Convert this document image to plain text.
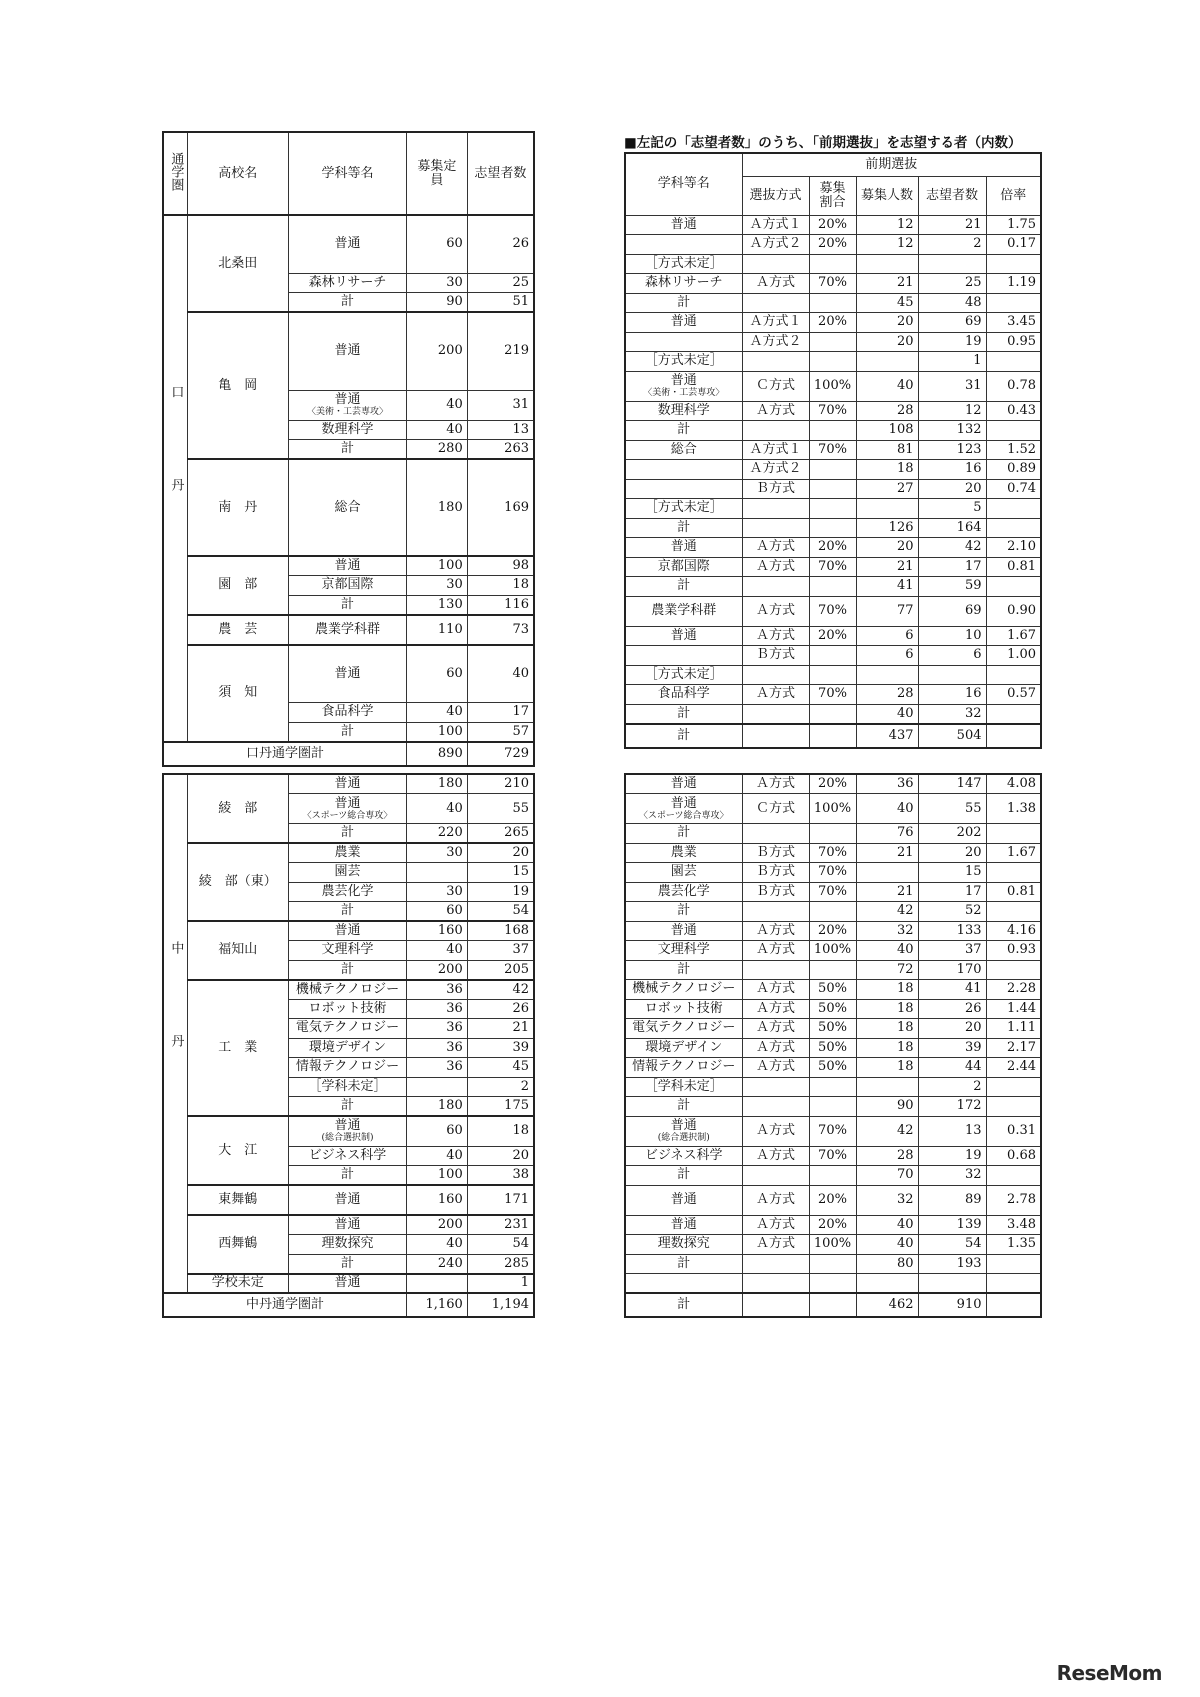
■左記の「志望者数」のうち、「前期選抜」を志望する者（内数）
通学圏	高校名	学科等名	募集定員	志望者数
口丹	北桑田	普通	60	26
		森林リサーチ	30	25
		計	90	51
	亀　岡	普通	200	219
		普通
〈美術・工芸専攻〉	40	31
		数理科学	40	13
		計	280	263
	南　丹	総合	180	169
	園　部	普通	100	98
		京都国際	30	18
		計	130	116
	農　芸	農業学科群	110	73
	須　知	普通	60	40
		食品科学	40	17
		計	100	57
口丹通学圏計			890	729
学科等名	前期選抜				
	選抜方式	募集割合	募集人数	志望者数	倍率
普通	Ａ方式１	20%	12	21	1.75
	Ａ方式２	20%	12	2	0.17
［方式未定］					
森林リサーチ	Ａ方式	70%	21	25	1.19
計			45	48	
普通	Ａ方式１	20%	20	69	3.45
	Ａ方式２		20	19	0.95
［方式未定］				1	
普通
〈美術・工芸専攻〉	Ｃ方式	100%	40	31	0.78
数理科学	Ａ方式	70%	28	12	0.43
計			108	132	
総合	Ａ方式１	70%	81	123	1.52
	Ａ方式２		18	16	0.89
	Ｂ方式		27	20	0.74
［方式未定］				5	
計			126	164	
普通	Ａ方式	20%	20	42	2.10
京都国際	Ａ方式	70%	21	17	0.81
計			41	59	
農業学科群	Ａ方式	70%	77	69	0.90
普通	Ａ方式	20%	6	10	1.67
	Ｂ方式		6	6	1.00
［方式未定］					
食品科学	Ａ方式	70%	28	16	0.57
計			40	32	
計			437	504	
中丹	綾　部	普通	180	210
		普通
〈スポーツ総合専攻〉	40	55
		計	220	265
	綾　部（東）	農業	30	20
		園芸		15
		農芸化学	30	19
		計	60	54
	福知山	普通	160	168
		文理科学	40	37
		計	200	205
	工　業	機械テクノロジー	36	42
		ロボット技術	36	26
		電気テクノロジー	36	21
		環境デザイン	36	39
		情報テクノロジー	36	45
		［学科未定］		2
		計	180	175
	大　江	普通
(総合選択制)	60	18
		ビジネス科学	40	20
		計	100	38
	東舞鶴	普通	160	171
	西舞鶴	普通	200	231
		理数探究	40	54
		計	240	285
	学校未定	普通		1
中丹通学圏計			1,160	1,194
普通	Ａ方式	20%	36	147	4.08
普通
〈スポーツ総合専攻〉	Ｃ方式	100%	40	55	1.38
計			76	202	
農業	Ｂ方式	70%	21	20	1.67
園芸	Ｂ方式	70%		15	
農芸化学	Ｂ方式	70%	21	17	0.81
計			42	52	
普通	Ａ方式	20%	32	133	4.16
文理科学	Ａ方式	100%	40	37	0.93
計			72	170	
機械テクノロジー	Ａ方式	50%	18	41	2.28
ロボット技術	Ａ方式	50%	18	26	1.44
電気テクノロジー	Ａ方式	50%	18	20	1.11
環境デザイン	Ａ方式	50%	18	39	2.17
情報テクノロジー	Ａ方式	50%	18	44	2.44
［学科未定］				2	
計			90	172	
普通
(総合選択制)	Ａ方式	70%	42	13	0.31
ビジネス科学	Ａ方式	70%	28	19	0.68
計			70	32	
普通	Ａ方式	20%	32	89	2.78
普通	Ａ方式	20%	40	139	3.48
理数探究	Ａ方式	100%	40	54	1.35
計			80	193	

計			462	910	
ReseMom
